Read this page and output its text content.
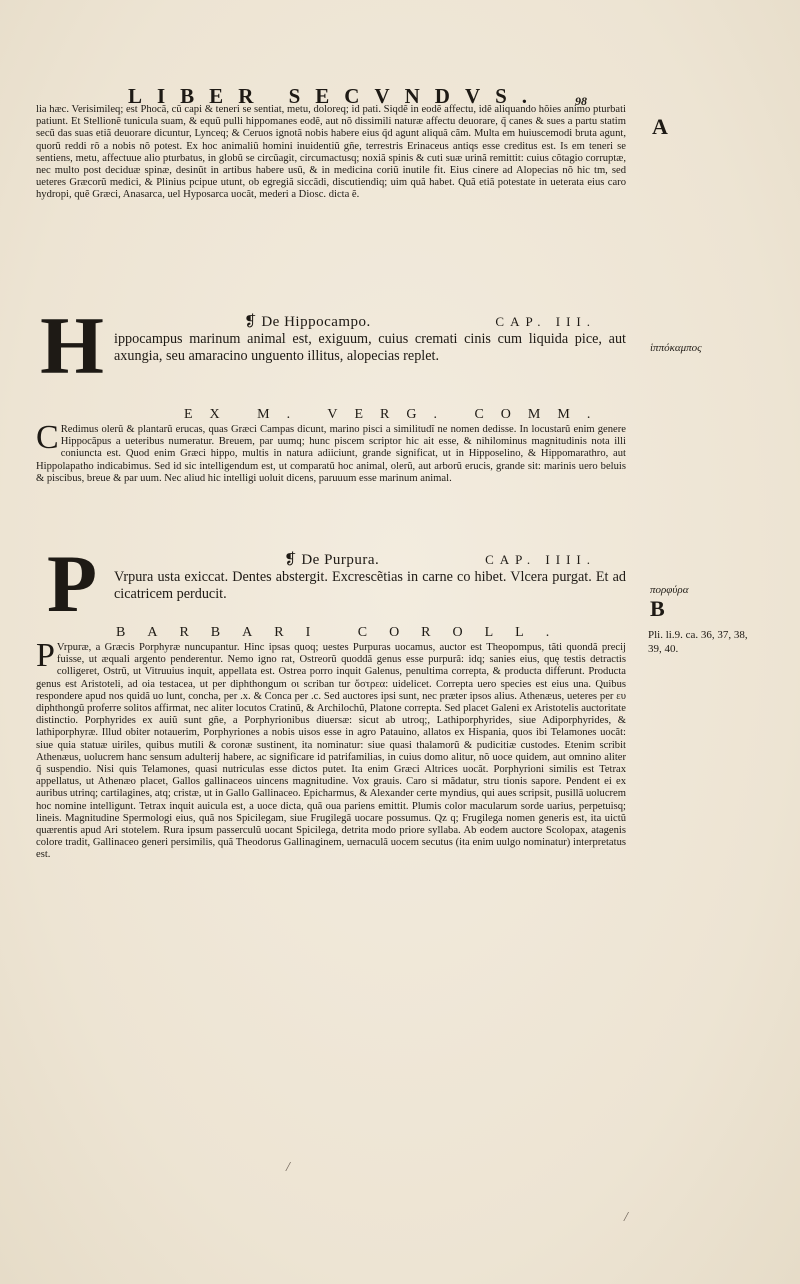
LIBER SECVNDVS.	98

lia hæc. Verisimileq; est Phocã, cũ capi & teneri se sentiat, metu, doloreq; id pati. Siqdẽ in eodẽ affectu, idẽ aliquando hõies animo pturbati patiunt. Et Stellionẽ tunicula suam, & equũ pulli hippomanes eodẽ, aut nõ dissimili naturæ affectu deuorare, q̃ canes & sues a partu statim secũ das suas etiã deuorare dicuntur, Lynceq; & Ceruos ignotã nobis habere eius q̃d agunt aliquã cãm. Multa em huiuscemodi bruta agunt, quorũ reddi rõ a nobis nõ potest. Ex hoc animaliũ homini inuidentiũ gñe, terrestris Erinaceus antiqs esse creditus est. Is em teneri se sentiens, metu, affectuue alio pturbatus, in globũ se circũagit, circumactusq; noxiã spinis & cuti suæ urinã remittit: cuius cõtagio corruptæ, nec multo post deciduæ spinæ, desinũt in artibus habere usũ, & in medicina coriũ inutile fit. Eius cinere ad Alopecias nõ hic tm, sed ueteres Græcorũ medici, & Plinius pcipue utunt, ob egregiã siccãdi, discutiendiq; uim quã habet. Quã etiã potestate in ueterata eius caro hydropi, quẽ Græci, Anasarca, uel Hyposarca uocãt, mederi a Diosc. dicta ẽ.

H	❡ De Hippocampo.	CAP. III.

ippocampus marinum animal est, exiguum, cuius cremati cinis cum liquida pice, aut axungia, seu amaracino unguento illitus, alopecias replet.

EX M. VERG. COMM.
C Redimus olerũ & plantarũ erucas, quas Græci Campas dicunt, marino pisci a similitudĩ ne nomen dedisse. In locustarũ enim genere Hippocãpus a ueteribus numeratur. Breuem, par uumq; hunc piscem scriptor hic ait esse, & nihilominus magnitudinis nota illi coniuncta est. Quod enim Græci hippo, multis in natura adiiciunt, grande significat, ut in Hipposelino, & Hippomarathro, aut Hippolapatho indicabimus. Sed id sic intelligendum est, ut comparatũ hoc animal, olerũ, aut arborũ erucis, grande sit: marinis uero beluis & piscibus, breue & par uum. Nec aliud hic intelligi uoluit dicens, paruuum esse marinum animal.

P	❡ De Purpura.	CAP. IIII.

Vrpura usta exiccat. Dentes abstergit. Excrescẽtias in carne co hibet. Vlcera purgat. Et ad cicatricem perducit.

BARBARI COROLL.
P Vrpuræ, a Græcis Porphyræ nuncupantur. Hinc ipsas quoq; uestes Purpuras uocamus, auctor est Theopompus, tãti quondã precij fuisse, ut æquali argento penderentur. Nemo igno rat, Ostreorũ quoddã genus esse purpurã: idq; sanies eius, quę testis detractis colligeret, Ostrũ, ut Vitruuius inquit, appellata est. Ostrea porro inquit Galenus, penultima correpta, & producta differunt. Producta genus est Aristoteli, ad oia testacea, ut per diphthongum οι scriban tur ὄστρεα: uidelicet. Correpta uero species est eius una. Quibus respondere apud nos quidã uo lunt, concha, per .x. & Conca per .c. Sed auctores ipsi sunt, nec præter ipsos alius. Athenæus, ueteres per ευ diphthongũ proferre solitos affirmat, nec aliter locutos Cratinũ, & Archilochũ, Platone correpta. Sed placet Galeni ex Aristotelis auctoritate distinctio. Porphyrides ex auiũ sunt gñe, a Porphyrionibus diuersæ: sicut ab utroq;, Lathiporphyrides, siue Adiporphyrides, & lathiporphyræ. Illud obiter notauerim, Porphyriones a nobis uisos esse in agro Patauino, allatos ex Hispania, quos ibi Telamones uocãt: siue quia statuæ uiriles, quibus mutili & coronæ sustinent, ita nominatur: siue quasi thalamorũ & pudicitiæ custodes. Etenim scribit Athenæus, uolucrem hanc sensum adulterij habere, ac significare id patrifamilias, in cuius domo alitur, nõ uoce quidem, aut omnino aliter q̃ suspendio. Nisi quis Telamones, quasi nutriculas esse dictos putet. Ita enim Græci Altrices uocãt. Porphyrioni similis est Tetrax appellatus, ut Athenæo placet, Gallos gallinaceos uincens magnitudine. Vox grauis. Caro si mãdatur, stru tionis sapore. Pendent ei ex auribus utrinq; cartilagines, atq; cristæ, ut in Gallo Gallinaceo. Epicharmus, & Alexander certe myndius, qui aues scripsit, pusillã uolucrem hoc nomine intelligunt. Tetrax inquit auicula est, a uoce dicta, quã oua pariens emittit. Plumis color macularum sorde uarius, perpetuisq; lineis. Magnitudine Spermologi eius, quã nos Spicilegam, siue Frugilegã uocare possumus. Qz q; Frugilega nomen generis est, ita uictũ quærentis apud Ari stotelem. Rura ipsum passerculũ uocant Spicilega, detrita modo priore syllaba. Ab eodem auctore Scolopax, atagenis colore tradit, Gallinaceo generi persimilis, quã Theodorus Gallinaginem, uernaculã uocem secutus (ita enim uulgo nominatur) interpretatus est.

A
ἱππόκαμπος
πορφύρα
B
Pli. li.9. ca. 36, 37, 38, 39, 40.
/
/
